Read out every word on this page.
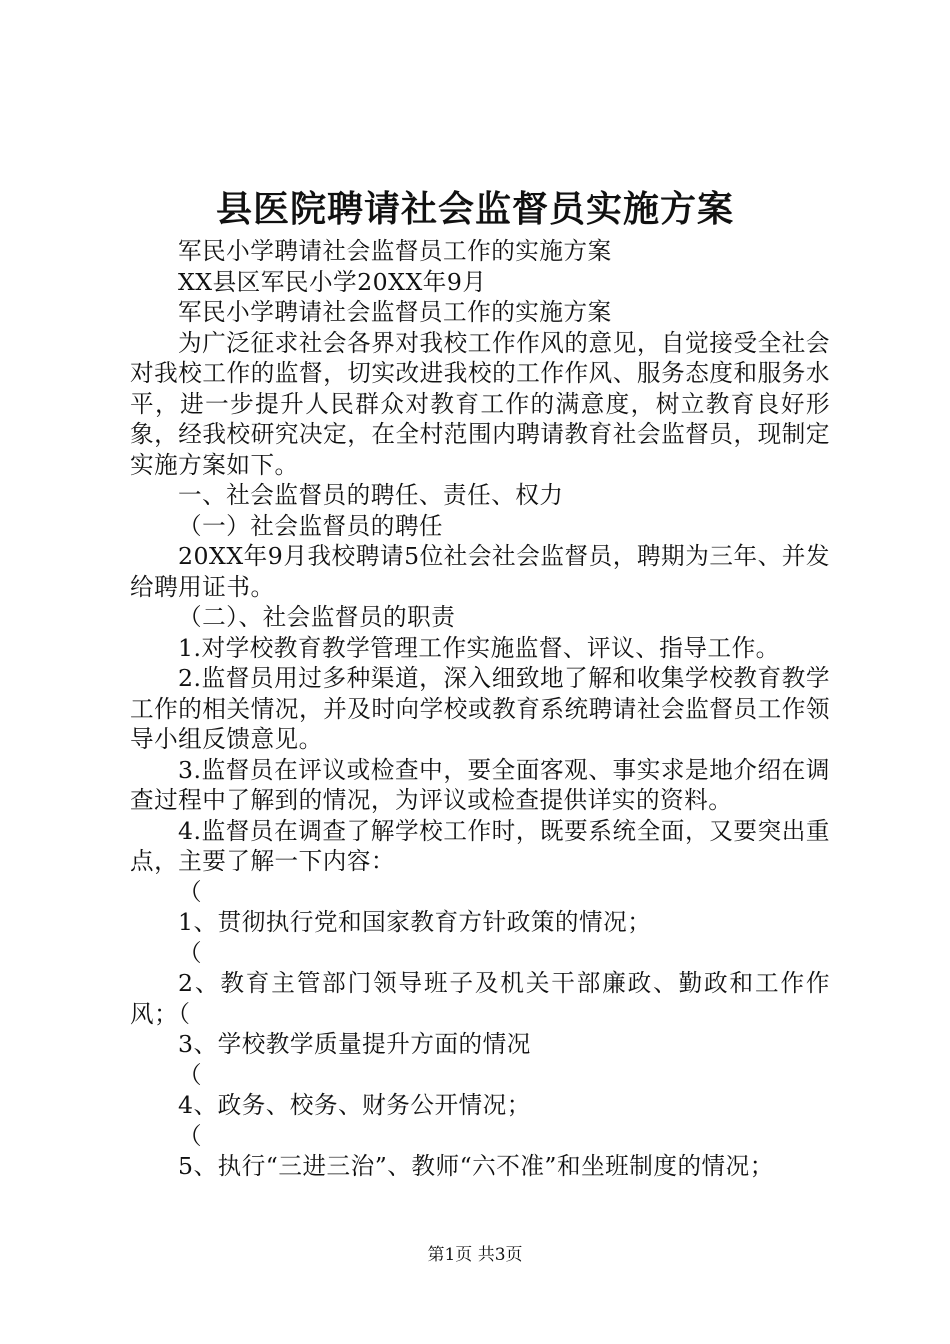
县医院聘请社会监督员实施方案

军民小学聘请社会监督员工作的实施方案

XX县区军民小学20XX年9月

军民小学聘请社会监督员工作的实施方案

为广泛征求社会各界对我校工作作风的意见，自觉接受全社会对我校工作的监督，切实改进我校的工作作风、服务态度和服务水平，进一步提升人民群众对教育工作的满意度，树立教育良好形象，经我校研究决定，在全村范围内聘请教育社会监督员，现制定实施方案如下。

一、社会监督员的聘任、责任、权力

（一）社会监督员的聘任

20XX年9月我校聘请5位社会社会监督员，聘期为三年、并发给聘用证书。

（二）、社会监督员的职责

1.对学校教育教学管理工作实施监督、评议、指导工作。

2.监督员用过多种渠道，深入细致地了解和收集学校教育教学工作的相关情况，并及时向学校或教育系统聘请社会监督员工作领导小组反馈意见。

3.监督员在评议或检查中，要全面客观、事实求是地介绍在调查过程中了解到的情况，为评议或检查提供详实的资料。

4.监督员在调查了解学校工作时，既要系统全面，又要突出重点，主要了解一下内容：

（

1、贯彻执行党和国家教育方针政策的情况；

（

2、教育主管部门领导班子及机关干部廉政、勤政和工作作风；（

3、学校教学质量提升方面的情况

（

4、政务、校务、财务公开情况；

（

5、执行“三进三治”、教师“六不准”和坐班制度的情况；

第1页 共3页
